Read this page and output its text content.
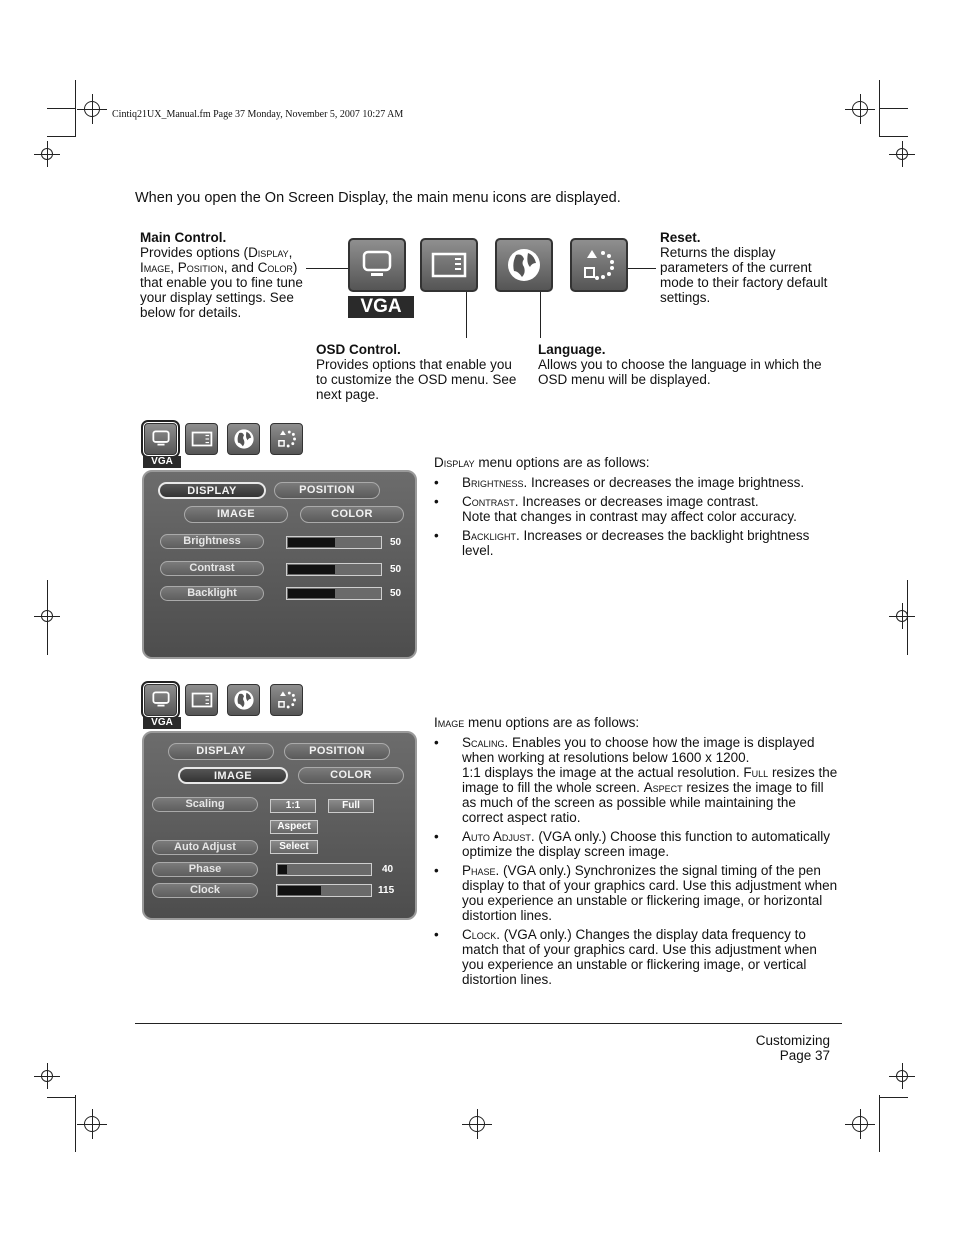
Cintiq21UX_Manual.fm Page 37 Monday, November 5, 2007 10:27 AM
When you open the On Screen Display, the main menu icons are displayed.
Main Control.
Provides options (Display, Image, Position, and Color) that enable you to fine tune your display settings. See below for details.
Reset.
Returns the display parameters of the current mode to their factory default settings.
VGA
OSD Control.
Provides options that enable you to customize the OSD menu. See next page.
Language.
Allows you to choose the language in which the OSD menu will be displayed.
VGA
DISPLAY	POSITION
IMAGE	COLOR
Brightness	50
Contrast	50
Backlight	50
Display menu options are as follows:
• Brightness. Increases or decreases the image brightness.
• Contrast. Increases or decreases image contrast.
Note that changes in contrast may affect color accuracy.
• Backlight. Increases or decreases the backlight brightness level.
VGA
DISPLAY	POSITION
IMAGE	COLOR
Scaling	1:1	Full
Aspect
Auto Adjust	Select
Phase	40
Clock	115
Image menu options are as follows:
• Scaling. Enables you to choose how the image is displayed when working at resolutions below 1600 x 1200.
1:1 displays the image at the actual resolution. Full resizes the image to fill the whole screen. Aspect resizes the image to fill as much of the screen as possible while maintaining the correct aspect ratio.
• Auto Adjust. (VGA only.) Choose this function to automatically optimize the display screen image.
• Phase. (VGA only.) Synchronizes the signal timing of the pen display to that of your graphics card. Use this adjustment when you experience an unstable or flickering image, or horizontal distortion lines.
• Clock. (VGA only.) Changes the display data frequency to match that of your graphics card. Use this adjustment when you experience an unstable or flickering image, or vertical distortion lines.
Customizing
Page 37
